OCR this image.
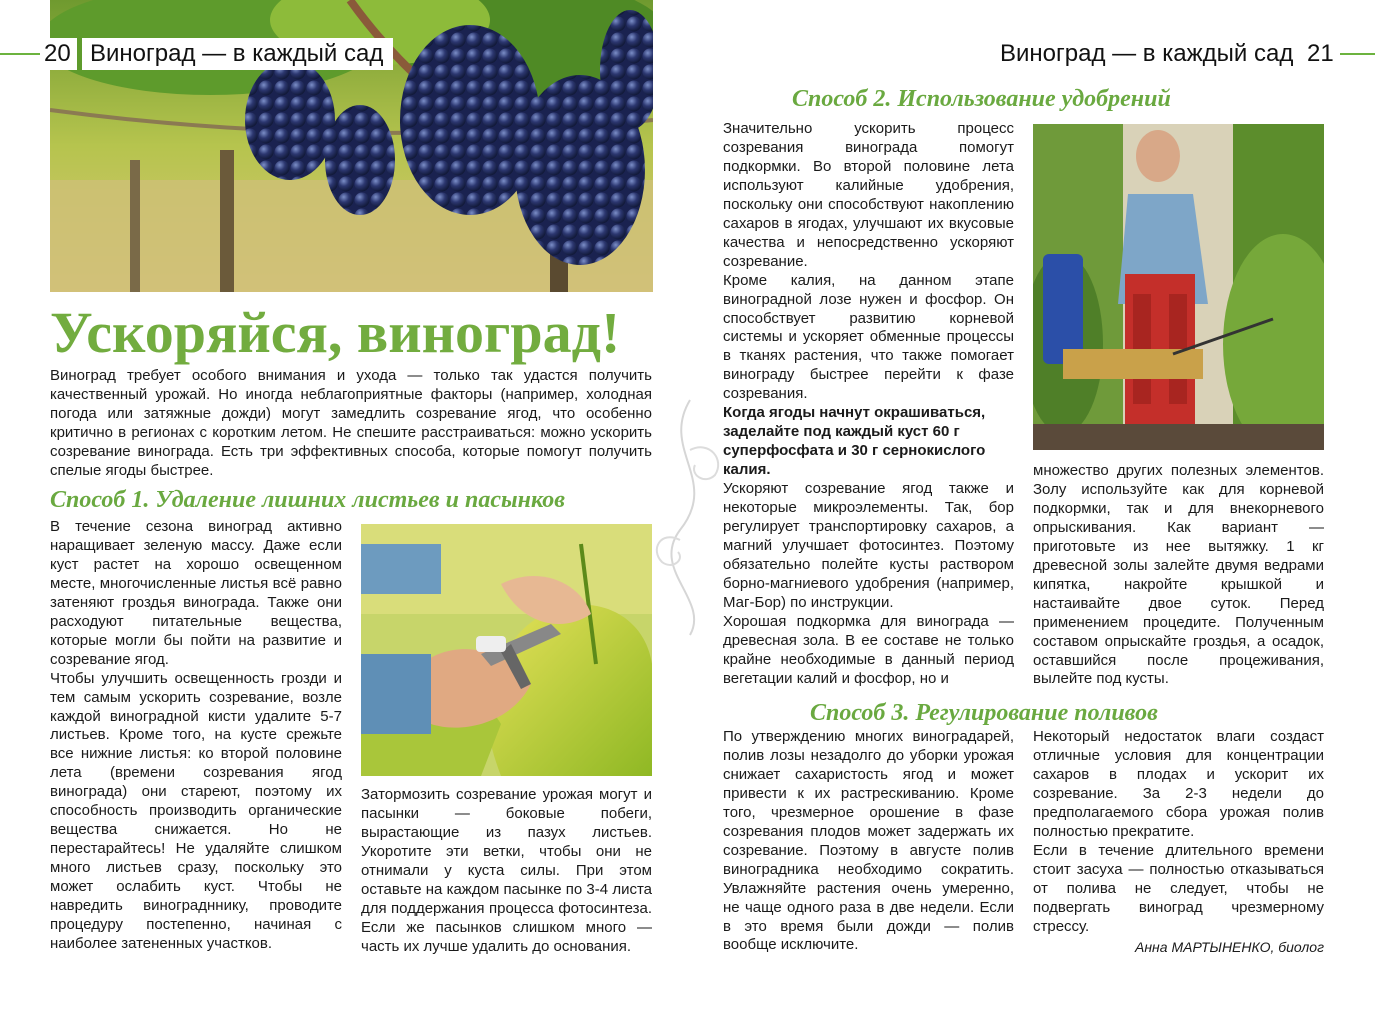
20 Виноград — в каждый сад	Виноград — в каждый сад 21
Ускоряйся, виноград!

Виноград требует особого внимания и ухода — только так удастся получить качественный урожай. Но иногда неблагоприятные факторы (например, холодная погода или затяжные дожди) могут замедлить созревание ягод, что особенно критично в регионах с коротким летом. Не спешите расстраиваться: можно ускорить созревание винограда. Есть три эффективных способа, которые помогут получить спелые ягоды быстрее.

Способ 1. Удаление лишних листьев и пасынков

В течение сезона виноград активно наращивает зеленую массу. Даже если куст растет на хорошо освещенном месте, многочисленные листья всё равно затеняют гроздья винограда. Также они расходуют питательные вещества, которые могли бы пойти на развитие и созревание ягод.

Чтобы улучшить освещенность грозди и тем самым ускорить созревание, возле каждой виноградной кисти удалите 5-7 листьев. Кроме того, на кусте срежьте все нижние листья: ко второй половине лета (времени созревания ягод винограда) они стареют, поэтому их способность производить органические вещества снижается. Но не перестарайтесь! Не удаляйте слишком много листьев сразу, поскольку это может ослабить куст. Чтобы не навредить виноградннику, проводите процедуру постепенно, начиная с наиболее затененных участков.

Затормозить созревание урожая могут и пасынки — боковые побеги, вырастающие из пазух листьев. Укоротите эти ветки, чтобы они не отнимали у куста силы. При этом оставьте на каждом пасынке по 3-4 листа для поддержания процесса фотосинтеза. Если же пасынков слишком много — часть их лучше удалить до основания.

Способ 2. Использование удобрений

Значительно ускорить процесс созревания винограда помогут подкормки. Во второй половине лета используют калийные удобрения, поскольку они способствуют накоплению сахаров в ягодах, улучшают их вкусовые качества и непосредственно ускоряют созревание.

Кроме калия, на данном этапе виноградной лозе нужен и фосфор. Он способствует развитию корневой системы и ускоряет обменные процессы в тканях растения, что также помогает винограду быстрее перейти к фазе созревания.

Когда ягоды начнут окрашиваться, заделайте под каждый куст 60 г суперфосфата и 30 г сернокислого калия.

Ускоряют созревание ягод также и некоторые микроэлементы. Так, бор регулирует транспортировку сахаров, а магний улучшает фотосинтез. Поэтому обязательно полейте кусты раствором борно-магниевого удобрения (например, Маг-Бор) по инструкции.

Хорошая подкормка для винограда — древесная зола. В ее составе не только крайне необходимые в данный период вегетации калий и фосфор, но и

множество других полезных элементов. Золу используйте как для корневой подкормки, так и для внекорневого опрыскивания. Как вариант — приготовьте из нее вытяжку. 1 кг древесной золы залейте двумя ведрами кипятка, накройте крышкой и настаивайте двое суток. Перед применением процедите. Полученным составом опрыскайте гроздья, а осадок, оставшийся после процеживания, вылейте под кусты.

Способ 3. Регулирование поливов

По утверждению многих виноградарей, полив лозы незадолго до уборки урожая снижает сахаристость ягод и может привести к их растрескиванию. Кроме того, чрезмерное орошение в фазе созревания плодов может задержать их созревание. Поэтому в августе полив виноградника необходимо сократить. Увлажняйте растения очень умеренно, не чаще одного раза в две недели. Если в это время были дожди — полив вообще исключите.

Некоторый недостаток влаги создаст отличные условия для концентрации сахаров в плодах и ускорит их созревание. За 2-3 недели до предполагаемого сбора урожая полив полностью прекратите.

Если в течение длительного времени стоит засуха — полностью отказываться от полива не следует, чтобы не подвергать виноград чрезмерному стрессу.

Анна МАРТЫНЕНКО, биолог
